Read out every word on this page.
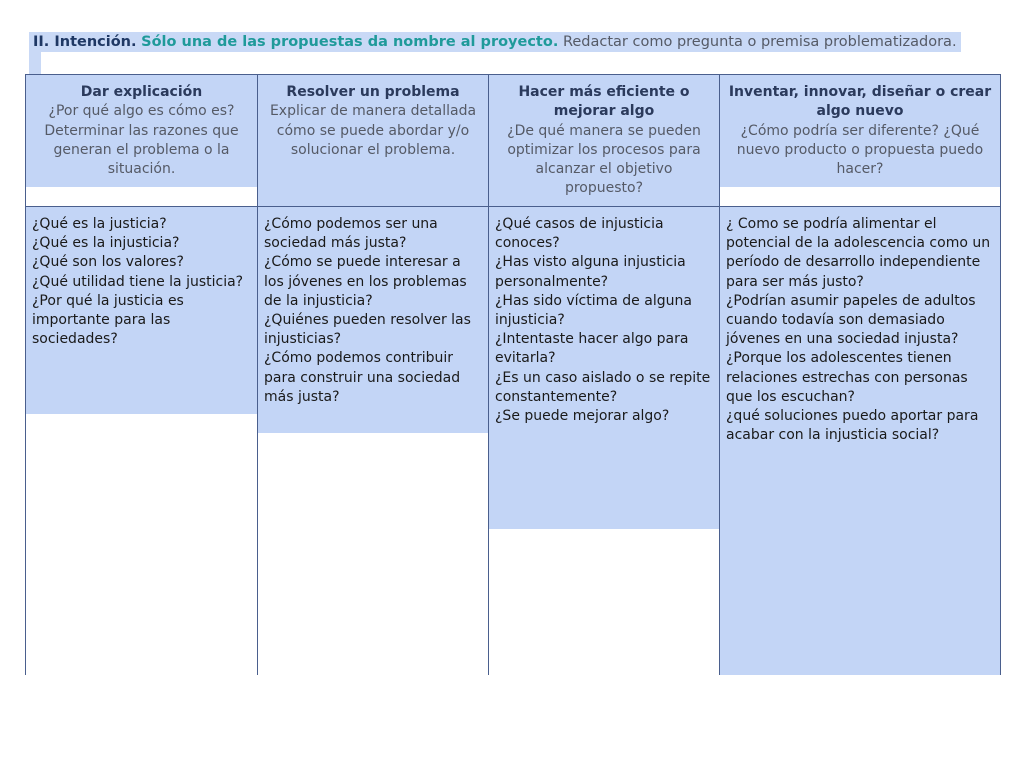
II. Intención. Sólo una de las propuestas da nombre al proyecto. Redactar como pregunta o premisa problematizadora.
Dar explicación
¿Por qué algo es cómo es? Determinar las razones que generan el problema o la situación.
¿Qué es la justicia?
¿Qué es la injusticia?
¿Qué son los valores?
¿Qué utilidad tiene la justicia?
¿Por qué la justicia es importante para las sociedades?
Resolver un problema
Explicar de manera detallada cómo se puede abordar y/o solucionar el problema.
¿Cómo podemos ser una sociedad más justa?
¿Cómo se puede interesar a los jóvenes en los problemas de la injusticia?
¿Quiénes pueden resolver las injusticias?
¿Cómo podemos contribuir para construir una sociedad más justa?
Hacer más eficiente o mejorar algo
¿De qué manera se pueden optimizar los procesos para alcanzar el objetivo propuesto?
¿Qué casos de injusticia conoces?
¿Has visto alguna injusticia personalmente?
¿Has sido víctima de alguna injusticia?
¿Intentaste hacer algo para evitarla?
¿Es un caso aislado o se repite constantemente?
¿Se puede mejorar algo?
Inventar, innovar, diseñar o crear algo nuevo
¿Cómo podría ser diferente? ¿Qué nuevo producto o propuesta puedo hacer?
¿ Como se podría alimentar el potencial de la adolescencia como un período de desarrollo independiente para ser más justo?
¿Podrían asumir papeles de adultos cuando todavía son demasiado jóvenes en una sociedad injusta?
¿Porque los adolescentes tienen relaciones estrechas con personas que los escuchan?
¿qué soluciones puedo aportar para acabar con la injusticia social?
